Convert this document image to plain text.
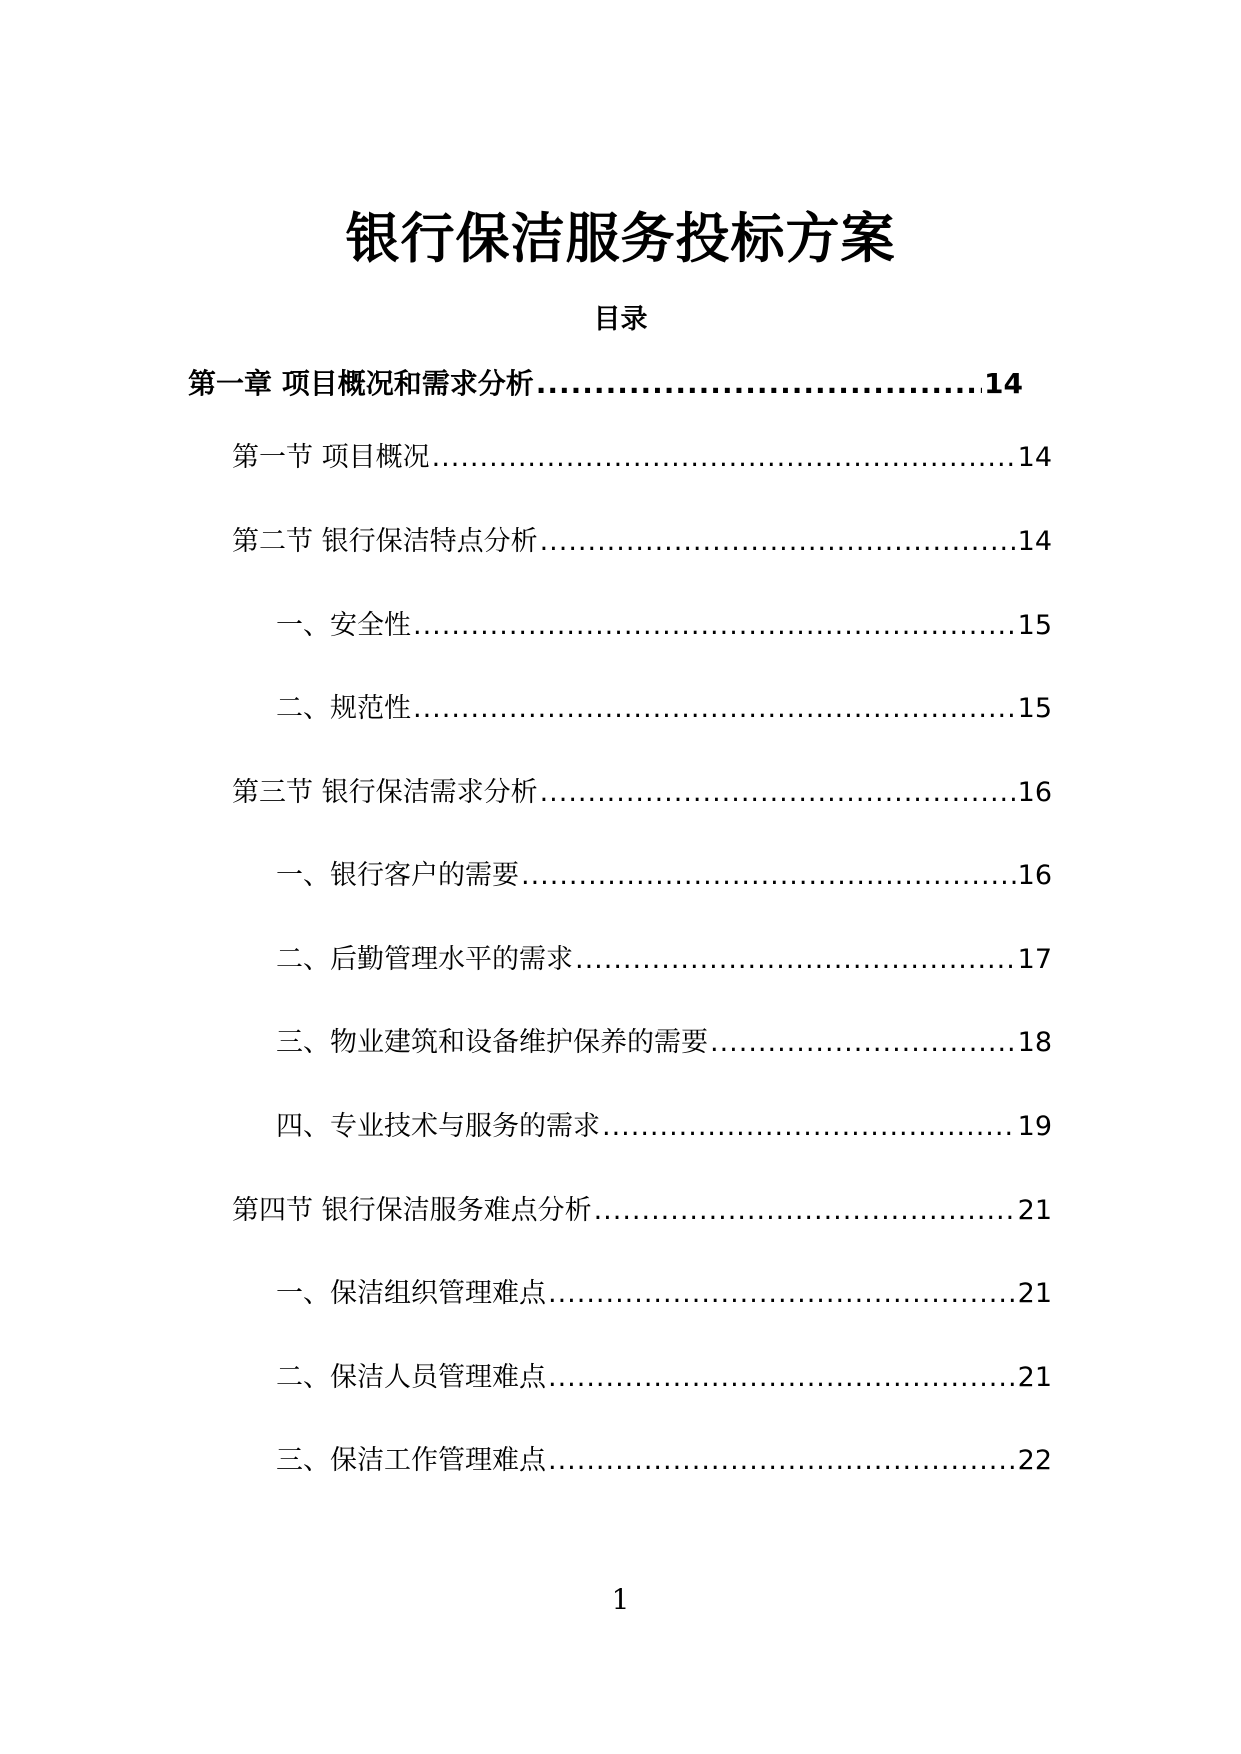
银行保洁服务投标方案
目录
第一章 项目概况和需求分析 .....	14
第一节 项目概况 .....	14
第二节 银行保洁特点分析 .....	14
一、安全性 .....	15
二、规范性 .....	15
第三节 银行保洁需求分析 .....	16
一、银行客户的需要 .....	16
二、后勤管理水平的需求 .....	17
三、物业建筑和设备维护保养的需要 .....	18
四、专业技术与服务的需求 .....	19
第四节 银行保洁服务难点分析 .....	21
一、保洁组织管理难点 .....	21
二、保洁人员管理难点 .....	21
三、保洁工作管理难点 .....	22
1
